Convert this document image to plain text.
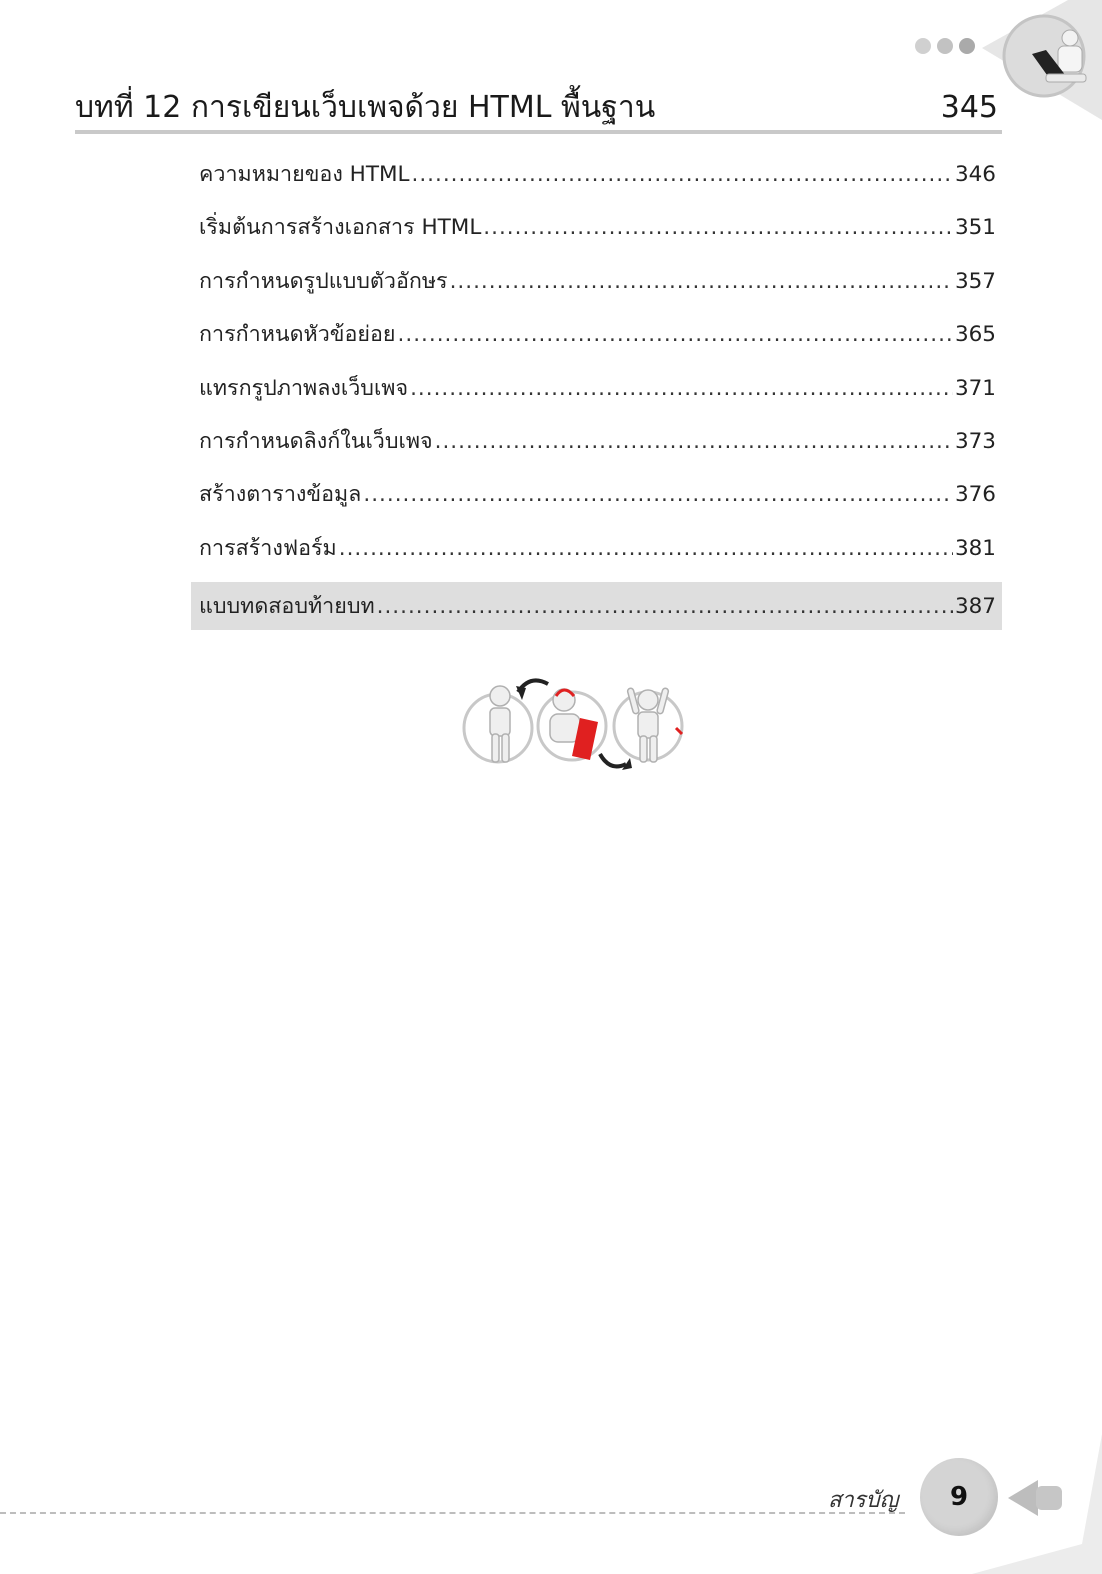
บทที่ 12 การเขียนเว็บเพจด้วย HTML พื้นฐาน	345
ความหมายของ HTML .....	346
เริ่มต้นการสร้างเอกสาร HTML .....	351
การกำหนดรูปแบบตัวอักษร .....	357
การกำหนดหัวข้อย่อย .....	365
แทรกรูปภาพลงเว็บเพจ .....	371
การกำหนดลิงก์ในเว็บเพจ .....	373
สร้างตารางข้อมูล .....	376
การสร้างฟอร์ม .....	381
แบบทดสอบท้ายบท .....	387
สารบัญ 9
